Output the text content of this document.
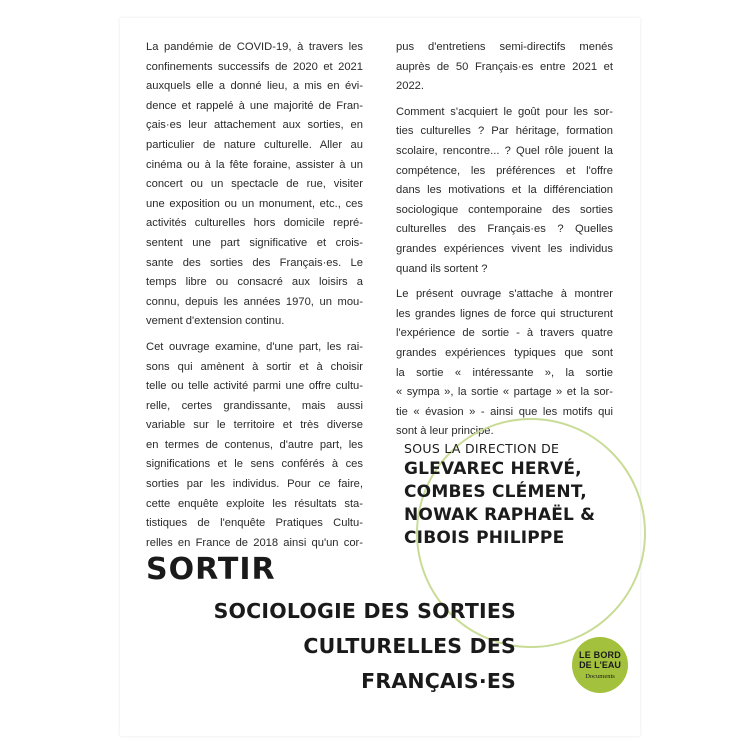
La pandémie de COVID-19, à travers les
confinements successifs de 2020 et 2021
auxquels elle a donné lieu, a mis en évi-
dence et rappelé à une majorité de Fran-
çais·es leur attachement aux sorties, en
particulier de nature culturelle. Aller au
cinéma ou à la fête foraine, assister à un
concert ou un spectacle de rue, visiter
une exposition ou un monument, etc., ces
activités culturelles hors domicile repré-
sentent une part significative et crois-
sante des sorties des Français·es. Le
temps libre ou consacré aux loisirs a
connu, depuis les années 1970, un mou-
vement d'extension continu.
Cet ouvrage examine, d'une part, les rai-
sons qui amènent à sortir et à choisir
telle ou telle activité parmi une offre cultu-
relle, certes grandissante, mais aussi
variable sur le territoire et très diverse
en termes de contenus, d'autre part, les
significations et le sens conférés à ces
sorties par les individus. Pour ce faire,
cette enquête exploite les résultats sta-
tistiques de l'enquête Pratiques Cultu-
relles en France de 2018 ainsi qu'un cor-
pus d'entretiens semi-directifs menés
auprès de 50 Français·es entre 2021 et
2022.
Comment s'acquiert le goût pour les sor-
ties culturelles ? Par héritage, formation
scolaire, rencontre... ? Quel rôle jouent la
compétence, les préférences et l'offre
dans les motivations et la différenciation
sociologique contemporaine des sorties
culturelles des Français·es ? Quelles
grandes expériences vivent les individus
quand ils sortent ?
Le présent ouvrage s'attache à montrer
les grandes lignes de force qui structurent
l'expérience de sortie - à travers quatre
grandes expériences typiques que sont
la sortie « intéressante », la sortie
« sympa », la sortie « partage » et la sor-
tie « évasion » - ainsi que les motifs qui
sont à leur principe.
SOUS LA DIRECTION DE
GLEVAREC HERVÉ,
COMBES CLÉMENT,
NOWAK RAPHAËL &
CIBOIS PHILIPPE
SORTIR
SOCIOLOGIE DES SORTIES
CULTURELLES DES
FRANÇAIS·ES
LE BORD
DE L'EAU
Documents
